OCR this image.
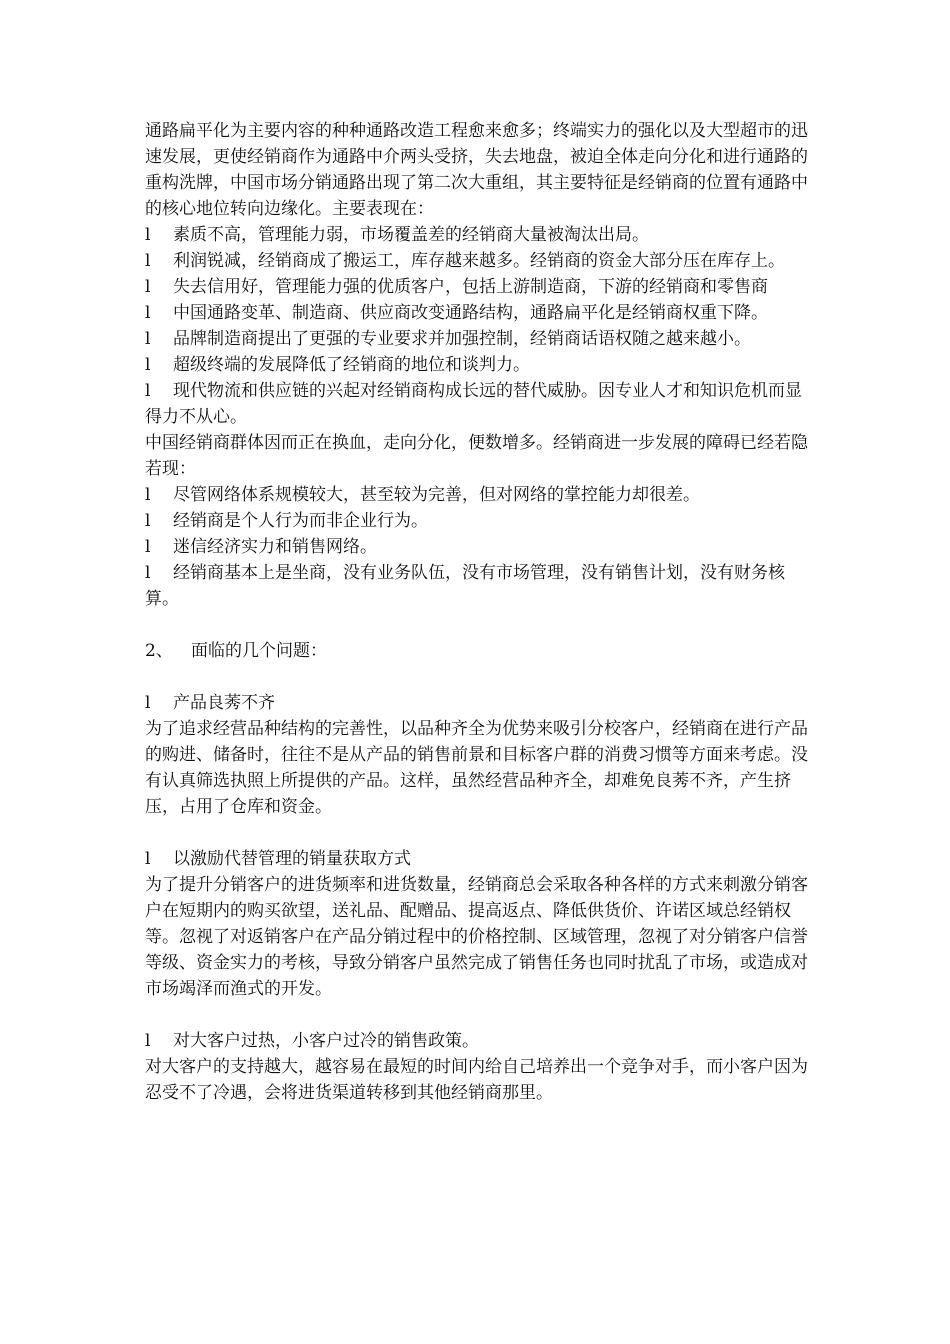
通路扁平化为主要内容的种种通路改造工程愈来愈多；终端实力的强化以及大型超市的迅速发展，更使经销商作为通路中介两头受挤，失去地盘，被迫全体走向分化和进行通路的重构洗牌，中国市场分销通路出现了第二次大重组，其主要特征是经销商的位置有通路中的核心地位转向边缘化。主要表现在：

l 素质不高，管理能力弱，市场覆盖差的经销商大量被淘汰出局。

l 利润锐减，经销商成了搬运工，库存越来越多。经销商的资金大部分压在库存上。

l 失去信用好，管理能力强的优质客户，包括上游制造商，下游的经销商和零售商

l 中国通路变革、制造商、供应商改变通路结构，通路扁平化是经销商权重下降。

l 品牌制造商提出了更强的专业要求并加强控制，经销商话语权随之越来越小。

l 超级终端的发展降低了经销商的地位和谈判力。

l 现代物流和供应链的兴起对经销商构成长远的替代威胁。因专业人才和知识危机而显得力不从心。

中国经销商群体因而正在换血，走向分化，便数增多。经销商进一步发展的障碍已经若隐若现：

l 尽管网络体系规模较大，甚至较为完善，但对网络的掌控能力却很差。

l 经销商是个人行为而非企业行为。

l 迷信经济实力和销售网络。

l 经销商基本上是坐商，没有业务队伍，没有市场管理，没有销售计划，没有财务核算。

2、 面临的几个问题：

l 产品良莠不齐

为了追求经营品种结构的完善性，以品种齐全为优势来吸引分校客户，经销商在进行产品的购进、储备时，往往不是从产品的销售前景和目标客户群的消费习惯等方面来考虑。没有认真筛选执照上所提供的产品。这样，虽然经营品种齐全，却难免良莠不齐，产生挤压，占用了仓库和资金。

l 以激励代替管理的销量获取方式

为了提升分销客户的进货频率和进货数量，经销商总会采取各种各样的方式来刺激分销客户在短期内的购买欲望，送礼品、配赠品、提高返点、降低供货价、许诺区域总经销权等。忽视了对返销客户在产品分销过程中的价格控制、区域管理，忽视了对分销客户信誉等级、资金实力的考核，导致分销客户虽然完成了销售任务也同时扰乱了市场，或造成对市场竭泽而渔式的开发。

l 对大客户过热，小客户过冷的销售政策。

对大客户的支持越大，越容易在最短的时间内给自己培养出一个竞争对手，而小客户因为忍受不了冷遇，会将进货渠道转移到其他经销商那里。
